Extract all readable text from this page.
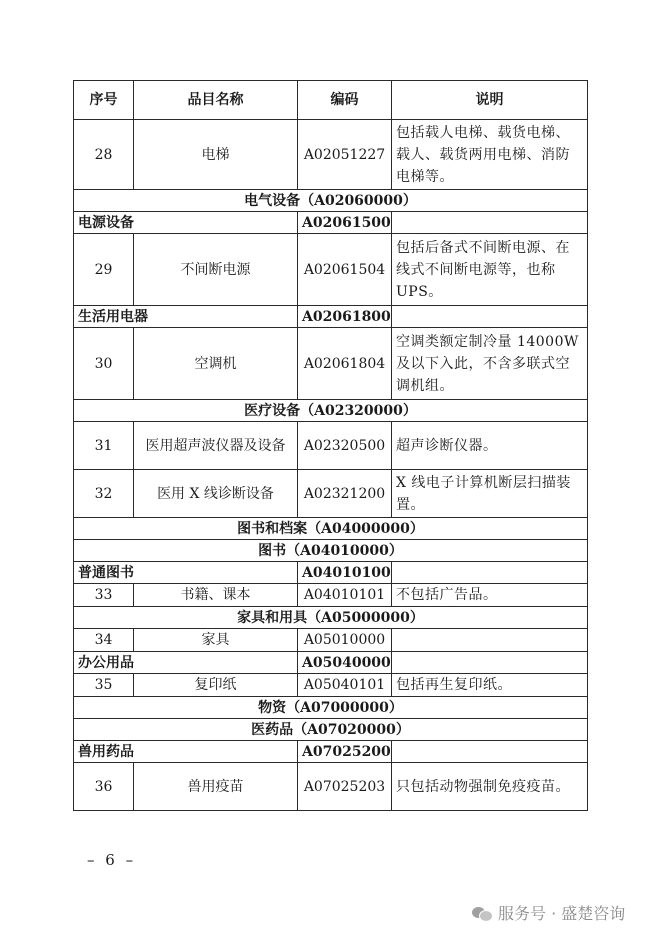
序号	品目名称	编码	说明
28	电梯	A02051227	包括载人电梯、载货电梯、载人、载货两用电梯、消防电梯等。
电气设备（A02060000）			
电源设备		A02061500	
29	不间断电源	A02061504	包括后备式不间断电源、在线式不间断电源等，也称 UPS。
生活用电器		A02061800	
30	空调机	A02061804	空调类额定制冷量 14000W 及以下入此，不含多联式空调机组。
医疗设备（A02320000）			
31	医用超声波仪器及设备	A02320500	超声诊断仪器。
32	医用 X 线诊断设备	A02321200	X 线电子计算机断层扫描装置。
图书和档案（A04000000）			
图书（A04010000）			
普通图书		A04010100	
33	书籍、课本	A04010101	不包括广告品。
家具和用具（A05000000）			
34	家具	A05010000	
办公用品		A05040000	
35	复印纸	A05040101	包括再生复印纸。
物资（A07000000）			
医药品（A07020000）			
兽用药品		A07025200	
36	兽用疫苗	A07025203	只包括动物强制免疫疫苗。
– 6 –
服务号 · 盛楚咨询
